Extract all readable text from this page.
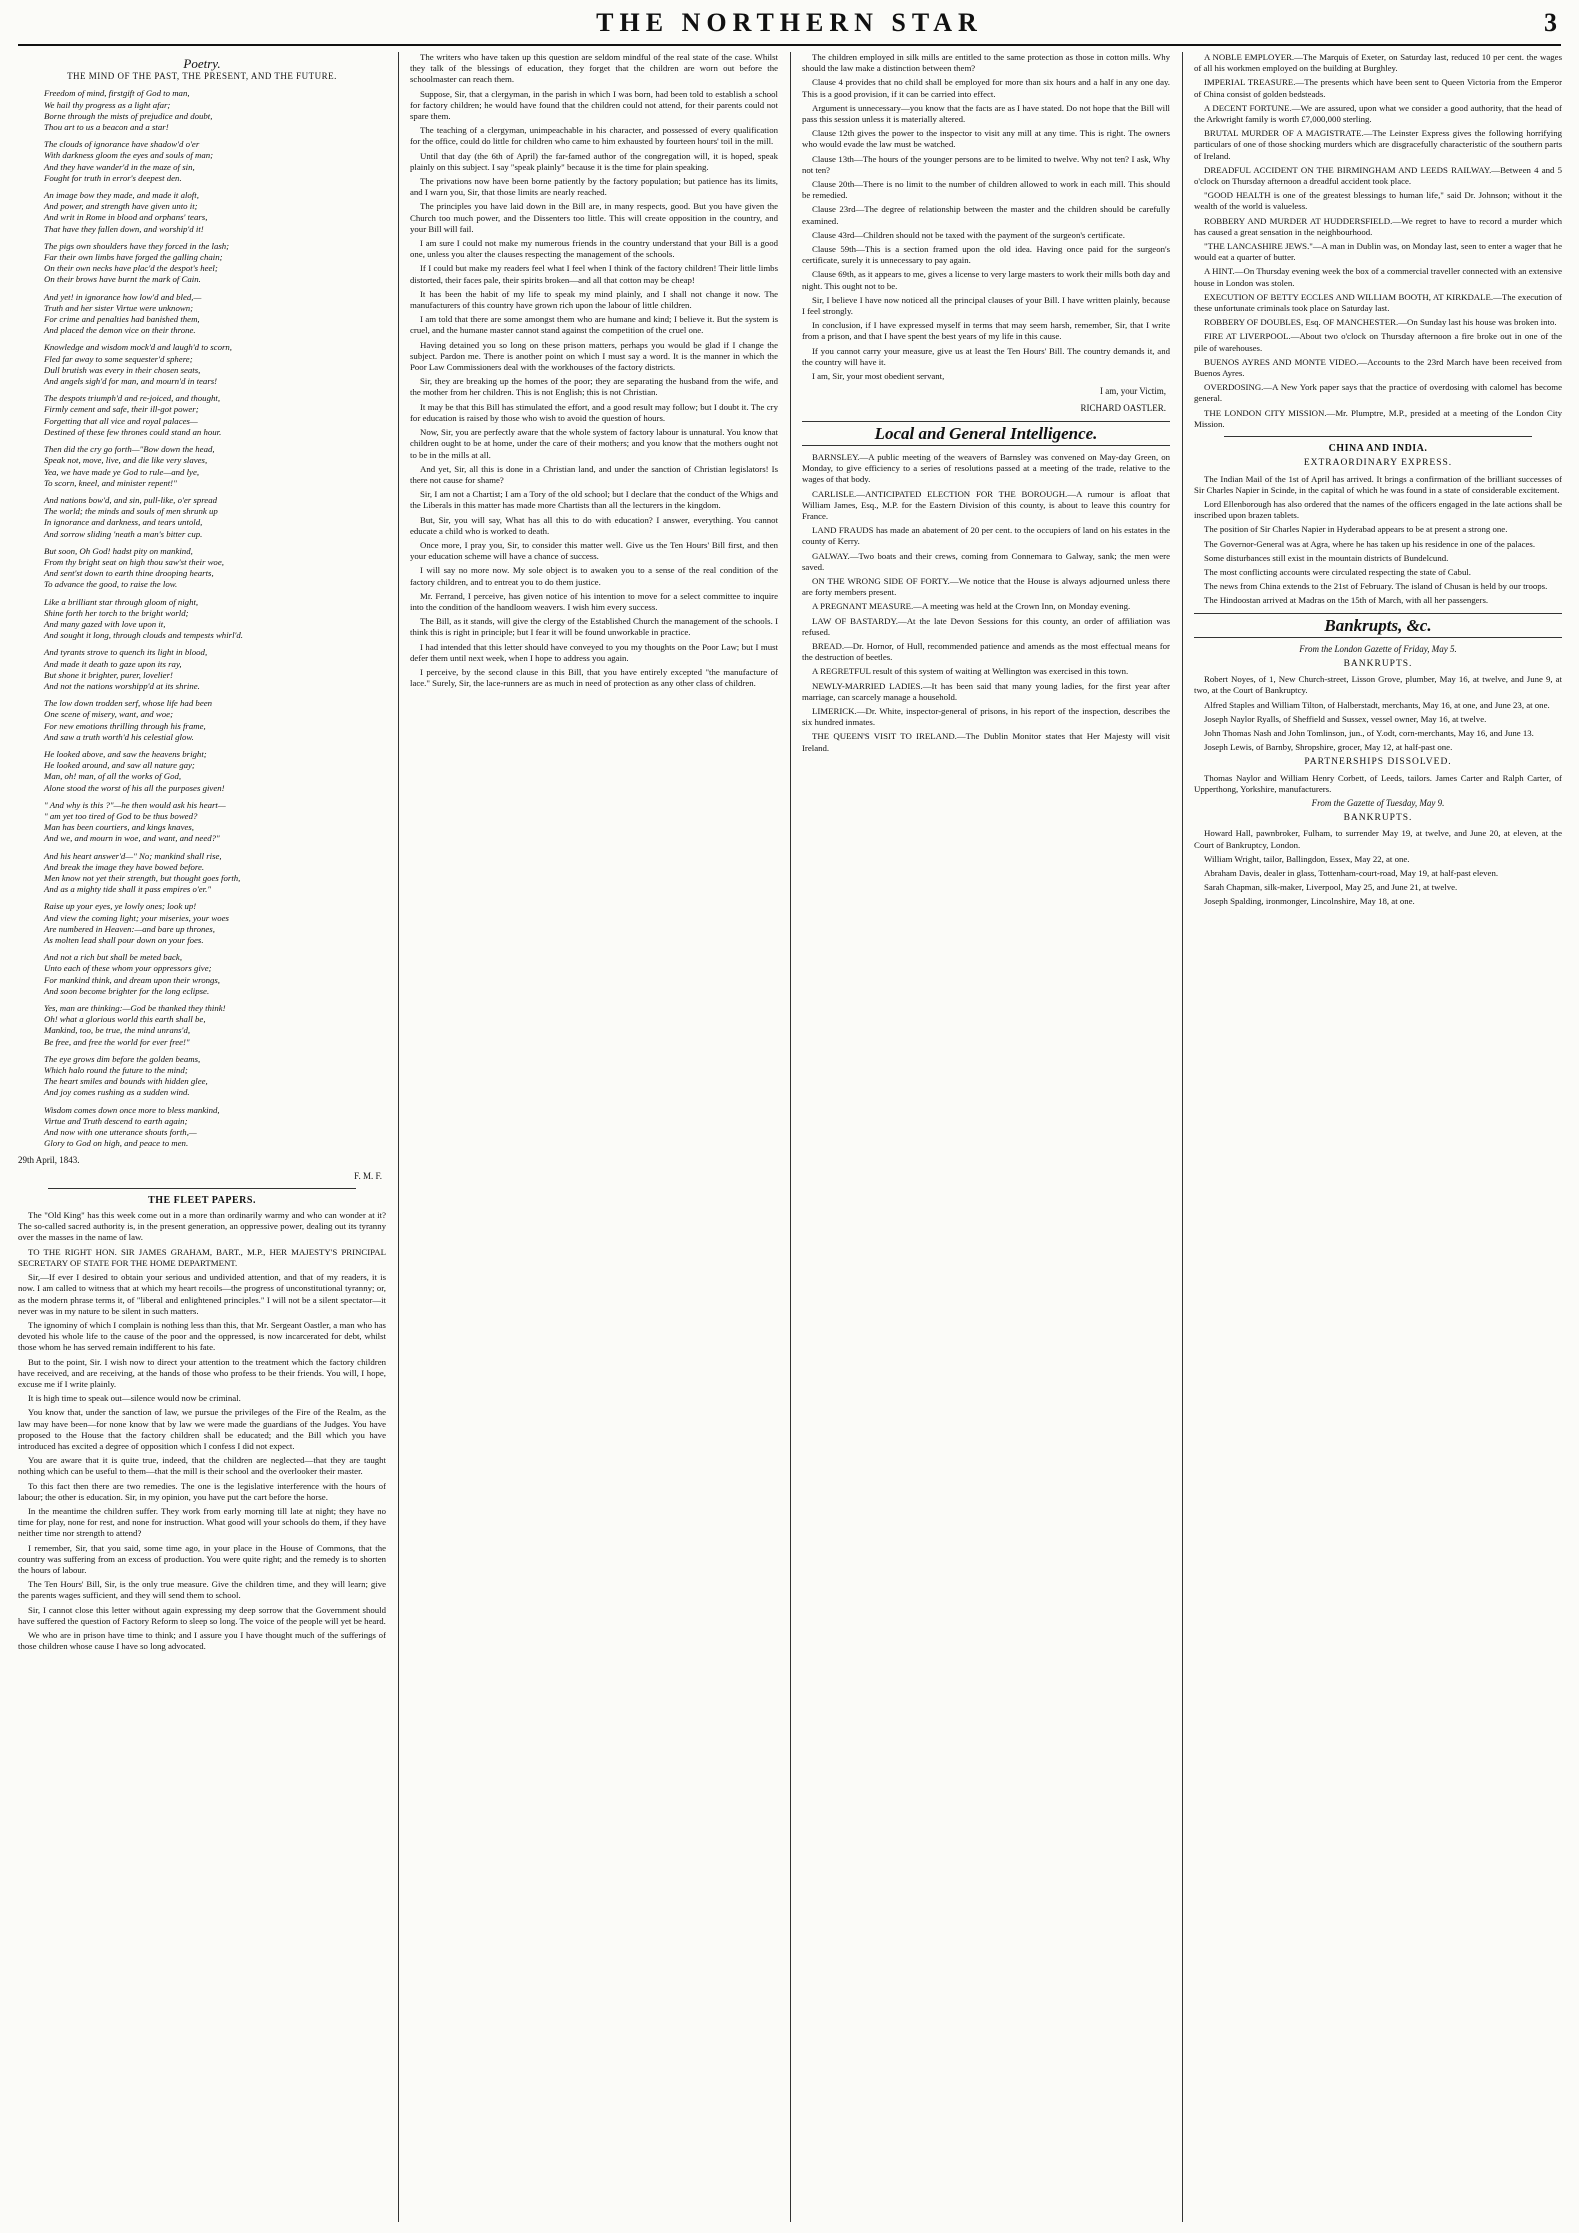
THE NORTHERN STAR	3
Poetry.
THE MIND OF THE PAST, THE PRESENT, AND THE FUTURE.
Freedom of mind, firstgift of God to man,
We hail thy progress as a light afar;
Borne through the mists of prejudice and doubt,
Thou art to us a beacon and a star!
The clouds of ignorance have shadow'd o'er
With darkness gloom the eyes and souls of man;
And they have wander'd in the maze of sin,
Fought for truth in error's deepest den.
An image bow they made, and made it aloft,
And power, and strength have given unto it;
And writ in Rome in blood and orphans' tears,
That have they fallen down, and worship'd it!
The pigs own shoulders have they forced in the lash;
Far their own limbs have forged the galling chain;
On their own necks have plac'd the despot's heel;
On their brows have burnt the mark of Cain.
And yet! in ignorance how low'd and bled,—
Truth and her sister Virtue were unknown;
For crime and penalties had banished them,
And placed the demon vice on their throne.
Knowledge and wisdom mock'd and laugh'd to scorn,
Fled far away to some sequester'd sphere;
Dull brutish was every in their chosen seats,
And angels sigh'd for man, and mourn'd in tears!
The despots triumph'd and re-joiced, and thought,
Firmly cement and safe, their ill-got power;
Forgetting that all vice and royal palaces—
Destined of these few thrones could stand an hour.
Then did the cry go forth—"Bow down the head,
Speak not, move, live, and die like very slaves,
Yea, we have made ye God to rule—and lye,
To scorn, kneel, and minister repent!"
And nations bow'd, and sin, pull-like, o'er spread
The world; the minds and souls of men shrunk up
In ignorance and darkness, and tears untold,
And sorrow sliding 'neath a man's bitter cup.
But soon, Oh God! hadst pity on mankind,
From thy bright seat on high thou saw'st their woe,
And sent'st down to earth thine drooping hearts,
To advance the good, to raise the low.
Like a brilliant star through gloom of night,
Shine forth her torch to the bright world;
And many gazed with love upon it,
And sought it long, through clouds and tempests whirl'd.
And tyrants strove to quench its light in blood,
And made it death to gaze upon its ray,
But shone it brighter, purer, lovelier!
And not the nations worshipp'd at its shrine.
The low down trodden serf, whose life had been
One scene of misery, want, and woe;
For new emotions thrilling through his frame,
And saw a truth worth'd his celestial glow.
He looked above, and saw the heavens bright;
He looked around, and saw all nature gay;
Man, oh! man, of all the works of God,
Alone stood the worst of his all the purposes given!
" And why is this ?"—he then would ask his heart—
" am yet too tired of God to be thus bowed?
Man has been courtiers, and kings knaves,
And we, and mourn in woe, and want, and need?"
And his heart answer'd—" No; mankind shall rise,
And break the image they have bowed before.
Men know not yet their strength, but thought goes forth,
And as a mighty tide shall it pass empires o'er."
Raise up your eyes, ye lowly ones; look up!
And view the coming light; your miseries, your woes
Are numbered in Heaven:—and bare up thrones,
As molten lead shall pour down on your foes.
And not a rich but shall be meted back,
Unto each of these whom your oppressors give;
For mankind think, and dream upon their wrongs,
And soon become brighter for the long eclipse.
Yes, man are thinking:—God be thanked they think!
Oh! what a glorious world this earth shall be,
Mankind, too, be true, the mind unrans'd,
Be free, and free the world for ever free!"
The eye grows dim before the golden beams,
Which halo round the future to the mind;
The heart smiles and bounds with hidden glee,
And joy comes rushing as a sudden wind.
Wisdom comes down once more to bless mankind,
Virtue and Truth descend to earth again;
And now with one utterance shouts forth,—
Glory to God on high, and peace to men.
29th April, 1843.
F. M. F.
THE FLEET PAPERS.

The "Old King" has this week come out in a more than ordinarily warmy and who can wonder at it? The so-called sacred authority is, in the present generation, an oppressive power, dealing out its tyranny over the masses in the name of law.

TO THE RIGHT HON. SIR JAMES GRAHAM, BART., M.P., HER MAJESTY'S PRINCIPAL SECRETARY OF STATE FOR THE HOME DEPARTMENT.

Sir,—If ever I desired to obtain your serious and undivided attention, and that of my readers, it is now. I am called to witness that at which my heart recoils—the progress of unconstitutional tyranny; or, as the modern phrase terms it, of "liberal and enlightened principles." I will not be a silent spectator—it never was in my nature to be silent in such matters.

The ignominy of which I complain is nothing less than this, that Mr. Sergeant Oastler, a man who has devoted his whole life to the cause of the poor and the oppressed, is now incarcerated for debt, whilst those whom he has served remain indifferent to his fate.

But to the point, Sir. I wish now to direct your attention to the treatment which the factory children have received, and are receiving, at the hands of those who profess to be their friends. You will, I hope, excuse me if I write plainly.

It is high time to speak out—silence would now be criminal.

You know that, under the sanction of law, we pursue the privileges of the Fire of the Realm, as the law may have been—for none know that by law we were made the guardians of the Judges. You have proposed to the House that the factory children shall be educated; and the Bill which you have introduced has excited a degree of opposition which I confess I did not expect.

You are aware that it is quite true, indeed, that the children are neglected—that they are taught nothing which can be useful to them—that the mill is their school and the overlooker their master.

To this fact then there are two remedies. The one is the legislative interference with the hours of labour; the other is education. Sir, in my opinion, you have put the cart before the horse.

In the meantime the children suffer. They work from early morning till late at night; they have no time for play, none for rest, and none for instruction. What good will your schools do them, if they have neither time nor strength to attend?

I remember, Sir, that you said, some time ago, in your place in the House of Commons, that the country was suffering from an excess of production. You were quite right; and the remedy is to shorten the hours of labour.

The Ten Hours' Bill, Sir, is the only true measure. Give the children time, and they will learn; give the parents wages sufficient, and they will send them to school.

Sir, I cannot close this letter without again expressing my deep sorrow that the Government should have suffered the question of Factory Reform to sleep so long. The voice of the people will yet be heard.

We who are in prison have time to think; and I assure you I have thought much of the sufferings of those children whose cause I have so long advocated.

The writers who have taken up this question are seldom mindful of the real state of the case. Whilst they talk of the blessings of education, they forget that the children are worn out before the schoolmaster can reach them.

Suppose, Sir, that a clergyman, in the parish in which I was born, had been told to establish a school for factory children; he would have found that the children could not attend, for their parents could not spare them.

The teaching of a clergyman, unimpeachable in his character, and possessed of every qualification for the office, could do little for children who came to him exhausted by fourteen hours' toil in the mill.

Until that day (the 6th of April) the far-famed author of the congregation will, it is hoped, speak plainly on this subject. I say "speak plainly" because it is the time for plain speaking.

The privations now have been borne patiently by the factory population; but patience has its limits, and I warn you, Sir, that those limits are nearly reached.

The principles you have laid down in the Bill are, in many respects, good. But you have given the Church too much power, and the Dissenters too little. This will create opposition in the country, and your Bill will fail.

I am sure I could not make my numerous friends in the country understand that your Bill is a good one, unless you alter the clauses respecting the management of the schools.

If I could but make my readers feel what I feel when I think of the factory children! Their little limbs distorted, their faces pale, their spirits broken—and all that cotton may be cheap!

It has been the habit of my life to speak my mind plainly, and I shall not change it now. The manufacturers of this country have grown rich upon the labour of little children.

I am told that there are some amongst them who are humane and kind; I believe it. But the system is cruel, and the humane master cannot stand against the competition of the cruel one.

Having detained you so long on these prison matters, perhaps you would be glad if I change the subject. Pardon me. There is another point on which I must say a word. It is the manner in which the Poor Law Commissioners deal with the workhouses of the factory districts.

Sir, they are breaking up the homes of the poor; they are separating the husband from the wife, and the mother from her children. This is not English; this is not Christian.

It may be that this Bill has stimulated the effort, and a good result may follow; but I doubt it. The cry for education is raised by those who wish to avoid the question of hours.

Now, Sir, you are perfectly aware that the whole system of factory labour is unnatural. You know that children ought to be at home, under the care of their mothers; and you know that the mothers ought not to be in the mills at all.

And yet, Sir, all this is done in a Christian land, and under the sanction of Christian legislators! Is there not cause for shame?

Sir, I am not a Chartist; I am a Tory of the old school; but I declare that the conduct of the Whigs and the Liberals in this matter has made more Chartists than all the lecturers in the kingdom.

But, Sir, you will say, What has all this to do with education? I answer, everything. You cannot educate a child who is worked to death.

Once more, I pray you, Sir, to consider this matter well. Give us the Ten Hours' Bill first, and then your education scheme will have a chance of success.

I will say no more now. My sole object is to awaken you to a sense of the real condition of the factory children, and to entreat you to do them justice.

Mr. Ferrand, I perceive, has given notice of his intention to move for a select committee to inquire into the condition of the handloom weavers. I wish him every success.

The Bill, as it stands, will give the clergy of the Established Church the management of the schools. I think this is right in principle; but I fear it will be found unworkable in practice.

I had intended that this letter should have conveyed to you my thoughts on the Poor Law; but I must defer them until next week, when I hope to address you again.

I perceive, by the second clause in this Bill, that you have entirely excepted "the manufacture of lace." Surely, Sir, the lace-runners are as much in need of protection as any other class of children.

The children employed in silk mills are entitled to the same protection as those in cotton mills. Why should the law make a distinction between them?

Clause 4 provides that no child shall be employed for more than six hours and a half in any one day. This is a good provision, if it can be carried into effect.

Argument is unnecessary—you know that the facts are as I have stated. Do not hope that the Bill will pass this session unless it is materially altered.

Clause 12th gives the power to the inspector to visit any mill at any time. This is right. The owners who would evade the law must be watched.

Clause 13th—The hours of the younger persons are to be limited to twelve. Why not ten? I ask, Why not ten?

Clause 20th—There is no limit to the number of children allowed to work in each mill. This should be remedied.

Clause 23rd—The degree of relationship between the master and the children should be carefully examined.

Clause 43rd—Children should not be taxed with the payment of the surgeon's certificate.

Clause 59th—This is a section framed upon the old idea. Having once paid for the surgeon's certificate, surely it is unnecessary to pay again.

Clause 69th, as it appears to me, gives a license to very large masters to work their mills both day and night. This ought not to be.

Sir, I believe I have now noticed all the principal clauses of your Bill. I have written plainly, because I feel strongly.

In conclusion, if I have expressed myself in terms that may seem harsh, remember, Sir, that I write from a prison, and that I have spent the best years of my life in this cause.

If you cannot carry your measure, give us at least the Ten Hours' Bill. The country demands it, and the country will have it.

I am, Sir, your most obedient servant,

I am, your Victim,
RICHARD OASTLER.
Local and General Intelligence.

BARNSLEY.—A public meeting of the weavers of Barnsley was convened on May-day Green, on Monday, to give efficiency to a series of resolutions passed at a meeting of the trade, relative to the wages of that body.

CARLISLE.—ANTICIPATED ELECTION FOR THE BOROUGH.—A rumour is afloat that William James, Esq., M.P. for the Eastern Division of this county, is about to leave this country for France.

LAND FRAUDS has made an abatement of 20 per cent. to the occupiers of land on his estates in the county of Kerry.

GALWAY.—Two boats and their crews, coming from Connemara to Galway, sank; the men were saved.

ON THE WRONG SIDE OF FORTY.—We notice that the House is always adjourned unless there are forty members present.

A PREGNANT MEASURE.—A meeting was held at the Crown Inn, on Monday evening.

LAW OF BASTARDY.—At the late Devon Sessions for this county, an order of affiliation was refused.

BREAD.—Dr. Hornor, of Hull, recommended patience and amends as the most effectual means for the destruction of beetles.

A REGRETFUL result of this system of waiting at Wellington was exercised in this town.

NEWLY-MARRIED LADIES.—It has been said that many young ladies, for the first year after marriage, can scarcely manage a household.

LIMERICK.—Dr. White, inspector-general of prisons, in his report of the inspection, describes the six hundred inmates.

THE QUEEN'S VISIT TO IRELAND.—The Dublin Monitor states that Her Majesty will visit Ireland.

A NOBLE EMPLOYER.—The Marquis of Exeter, on Saturday last, reduced 10 per cent. the wages of all his workmen employed on the building at Burghley.

IMPERIAL TREASURE.—The presents which have been sent to Queen Victoria from the Emperor of China consist of golden bedsteads.

A DECENT FORTUNE.—We are assured, upon what we consider a good authority, that the head of the Arkwright family is worth £7,000,000 sterling.

BRUTAL MURDER OF A MAGISTRATE.—The Leinster Express gives the following horrifying particulars of one of those shocking murders which are disgracefully characteristic of the southern parts of Ireland.

DREADFUL ACCIDENT ON THE BIRMINGHAM AND LEEDS RAILWAY.—Between 4 and 5 o'clock on Thursday afternoon a dreadful accident took place.

"GOOD HEALTH is one of the greatest blessings to human life," said Dr. Johnson; without it the wealth of the world is valueless.

ROBBERY AND MURDER AT HUDDERSFIELD.—We regret to have to record a murder which has caused a great sensation in the neighbourhood.

"THE LANCASHIRE JEWS."—A man in Dublin was, on Monday last, seen to enter a wager that he would eat a quarter of butter.

A HINT.—On Thursday evening week the box of a commercial traveller connected with an extensive house in London was stolen.

EXECUTION OF BETTY ECCLES AND WILLIAM BOOTH, AT KIRKDALE.—The execution of these unfortunate criminals took place on Saturday last.

ROBBERY OF DOUBLES, Esq. OF MANCHESTER.—On Sunday last his house was broken into.

FIRE AT LIVERPOOL.—About two o'clock on Thursday afternoon a fire broke out in one of the pile of warehouses.

BUENOS AYRES AND MONTE VIDEO.—Accounts to the 23rd March have been received from Buenos Ayres.

OVERDOSING.—A New York paper says that the practice of overdosing with calomel has become general.

THE LONDON CITY MISSION.—Mr. Plumptre, M.P., presided at a meeting of the London City Mission.

CHINA AND INDIA.
EXTRAORDINARY EXPRESS.

The Indian Mail of the 1st of April has arrived. It brings a confirmation of the brilliant successes of Sir Charles Napier in Scinde, in the capital of which he was found in a state of considerable excitement.

Lord Ellenborough has also ordered that the names of the officers engaged in the late actions shall be inscribed upon brazen tablets.

The position of Sir Charles Napier in Hyderabad appears to be at present a strong one.

The Governor-General was at Agra, where he has taken up his residence in one of the palaces.

Some disturbances still exist in the mountain districts of Bundelcund.

The most conflicting accounts were circulated respecting the state of Cabul.

The news from China extends to the 21st of February. The island of Chusan is held by our troops.

The Hindoostan arrived at Madras on the 15th of March, with all her passengers.

Bankrupts, &c.
From the London Gazette of Friday, May 5.
BANKRUPTS.

Robert Noyes, of 1, New Church-street, Lisson Grove, plumber, May 16, at twelve, and June 9, at two, at the Court of Bankruptcy.

Alfred Staples and William Tilton, of Halberstadt, merchants, May 16, at one, and June 23, at one.

Joseph Naylor Ryalls, of Sheffield and Sussex, vessel owner, May 16, at twelve.

John Thomas Nash and John Tomlinson, jun., of Y.odt, corn-merchants, May 16, and June 13.

Joseph Lewis, of Barnby, Shropshire, grocer, May 12, at half-past one.

PARTNERSHIPS DISSOLVED.

Thomas Naylor and William Henry Corbett, of Leeds, tailors. James Carter and Ralph Carter, of Upperthong, Yorkshire, manufacturers.

From the Gazette of Tuesday, May 9.
BANKRUPTS.

Howard Hall, pawnbroker, Fulham, to surrender May 19, at twelve, and June 20, at eleven, at the Court of Bankruptcy, London.

William Wright, tailor, Ballingdon, Essex, May 22, at one.

Abraham Davis, dealer in glass, Tottenham-court-road, May 19, at half-past eleven.

Sarah Chapman, silk-maker, Liverpool, May 25, and June 21, at twelve.

Joseph Spalding, ironmonger, Lincolnshire, May 18, at one.
